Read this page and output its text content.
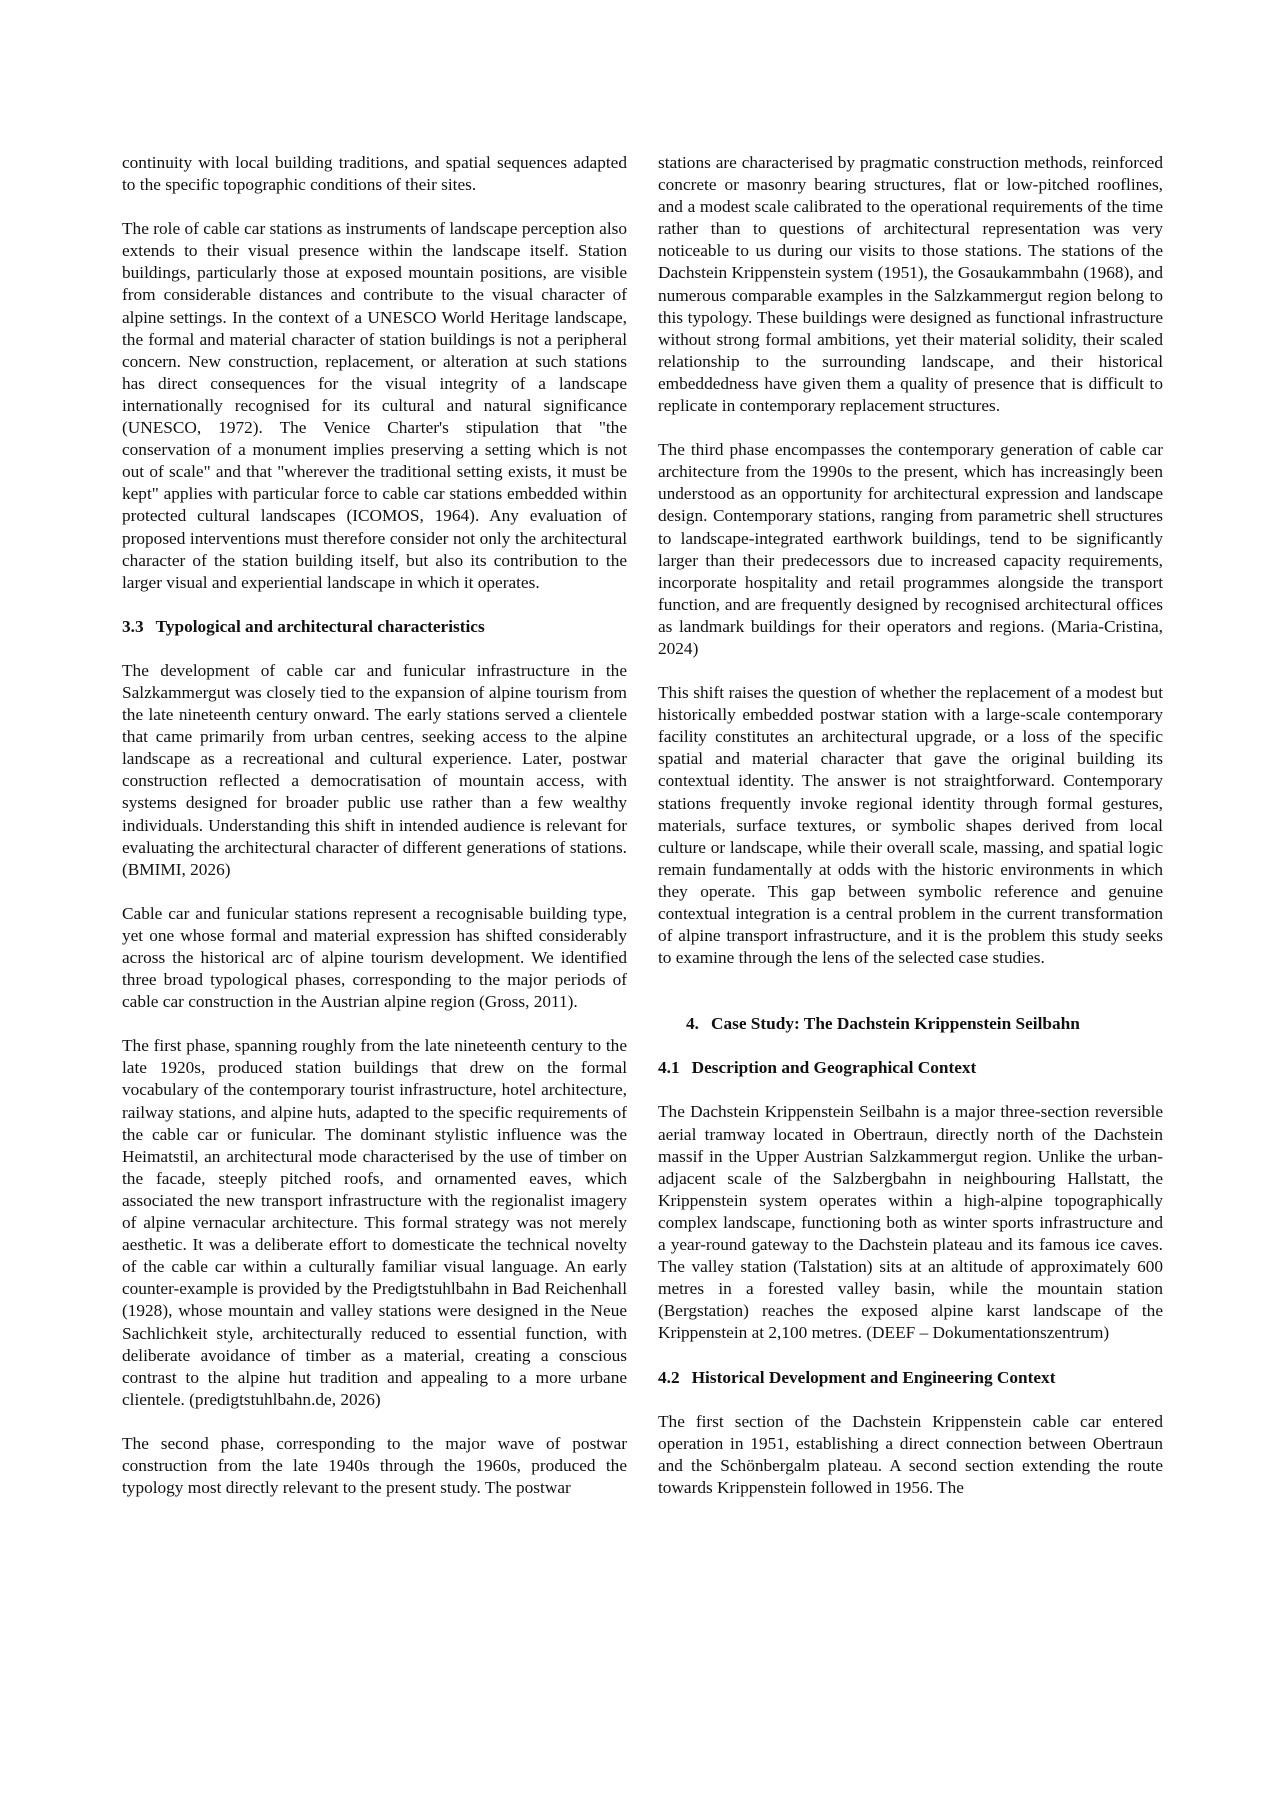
continuity with local building traditions, and spatial sequences adapted to the specific topographic conditions of their sites.

The role of cable car stations as instruments of landscape perception also extends to their visual presence within the landscape itself. Station buildings, particularly those at exposed mountain positions, are visible from considerable distances and contribute to the visual character of alpine settings. In the context of a UNESCO World Heritage landscape, the formal and material character of station buildings is not a peripheral concern. New construction, replacement, or alteration at such stations has direct consequences for the visual integrity of a landscape internationally recognised for its cultural and natural significance (UNESCO, 1972). The Venice Charter's stipulation that "the conservation of a monument implies preserving a setting which is not out of scale" and that "wherever the traditional setting exists, it must be kept" applies with particular force to cable car stations embedded within protected cultural landscapes (ICOMOS, 1964). Any evaluation of proposed interventions must therefore consider not only the architectural character of the station building itself, but also its contribution to the larger visual and experiential landscape in which it operates.

3.3 Typological and architectural characteristics

The development of cable car and funicular infrastructure in the Salzkammergut was closely tied to the expansion of alpine tourism from the late nineteenth century onward. The early stations served a clientele that came primarily from urban centres, seeking access to the alpine landscape as a recreational and cultural experience. Later, postwar construction reflected a democratisation of mountain access, with systems designed for broader public use rather than a few wealthy individuals. Understanding this shift in intended audience is relevant for evaluating the architectural character of different generations of stations. (BMIMI, 2026)

Cable car and funicular stations represent a recognisable building type, yet one whose formal and material expression has shifted considerably across the historical arc of alpine tourism development. We identified three broad typological phases, corresponding to the major periods of cable car construction in the Austrian alpine region (Gross, 2011).

The first phase, spanning roughly from the late nineteenth century to the late 1920s, produced station buildings that drew on the formal vocabulary of the contemporary tourist infrastructure, hotel architecture, railway stations, and alpine huts, adapted to the specific requirements of the cable car or funicular. The dominant stylistic influence was the Heimatstil, an architectural mode characterised by the use of timber on the facade, steeply pitched roofs, and ornamented eaves, which associated the new transport infrastructure with the regionalist imagery of alpine vernacular architecture. This formal strategy was not merely aesthetic. It was a deliberate effort to domesticate the technical novelty of the cable car within a culturally familiar visual language. An early counter-example is provided by the Predigtstuhlbahn in Bad Reichenhall (1928), whose mountain and valley stations were designed in the Neue Sachlichkeit style, architecturally reduced to essential function, with deliberate avoidance of timber as a material, creating a conscious contrast to the alpine hut tradition and appealing to a more urbane clientele. (predigtstuhlbahn.de, 2026)

The second phase, corresponding to the major wave of postwar construction from the late 1940s through the 1960s, produced the typology most directly relevant to the present study. The postwar

stations are characterised by pragmatic construction methods, reinforced concrete or masonry bearing structures, flat or low-pitched rooflines, and a modest scale calibrated to the operational requirements of the time rather than to questions of architectural representation was very noticeable to us during our visits to those stations. The stations of the Dachstein Krippenstein system (1951), the Gosaukammbahn (1968), and numerous comparable examples in the Salzkammergut region belong to this typology. These buildings were designed as functional infrastructure without strong formal ambitions, yet their material solidity, their scaled relationship to the surrounding landscape, and their historical embeddedness have given them a quality of presence that is difficult to replicate in contemporary replacement structures.

The third phase encompasses the contemporary generation of cable car architecture from the 1990s to the present, which has increasingly been understood as an opportunity for architectural expression and landscape design. Contemporary stations, ranging from parametric shell structures to landscape-integrated earthwork buildings, tend to be significantly larger than their predecessors due to increased capacity requirements, incorporate hospitality and retail programmes alongside the transport function, and are frequently designed by recognised architectural offices as landmark buildings for their operators and regions. (Maria-Cristina, 2024)

This shift raises the question of whether the replacement of a modest but historically embedded postwar station with a large-scale contemporary facility constitutes an architectural upgrade, or a loss of the specific spatial and material character that gave the original building its contextual identity. The answer is not straightforward. Contemporary stations frequently invoke regional identity through formal gestures, materials, surface textures, or symbolic shapes derived from local culture or landscape, while their overall scale, massing, and spatial logic remain fundamentally at odds with the historic environments in which they operate. This gap between symbolic reference and genuine contextual integration is a central problem in the current transformation of alpine transport infrastructure, and it is the problem this study seeks to examine through the lens of the selected case studies.

4. Case Study: The Dachstein Krippenstein Seilbahn
4.1 Description and Geographical Context

The Dachstein Krippenstein Seilbahn is a major three-section reversible aerial tramway located in Obertraun, directly north of the Dachstein massif in the Upper Austrian Salzkammergut region. Unlike the urban-adjacent scale of the Salzbergbahn in neighbouring Hallstatt, the Krippenstein system operates within a high-alpine topographically complex landscape, functioning both as winter sports infrastructure and a year-round gateway to the Dachstein plateau and its famous ice caves. The valley station (Talstation) sits at an altitude of approximately 600 metres in a forested valley basin, while the mountain station (Bergstation) reaches the exposed alpine karst landscape of the Krippenstein at 2,100 metres. (DEEF – Dokumentationszentrum)

4.2 Historical Development and Engineering Context

The first section of the Dachstein Krippenstein cable car entered operation in 1951, establishing a direct connection between Obertraun and the Schönbergalm plateau. A second section extending the route towards Krippenstein followed in 1956. The
